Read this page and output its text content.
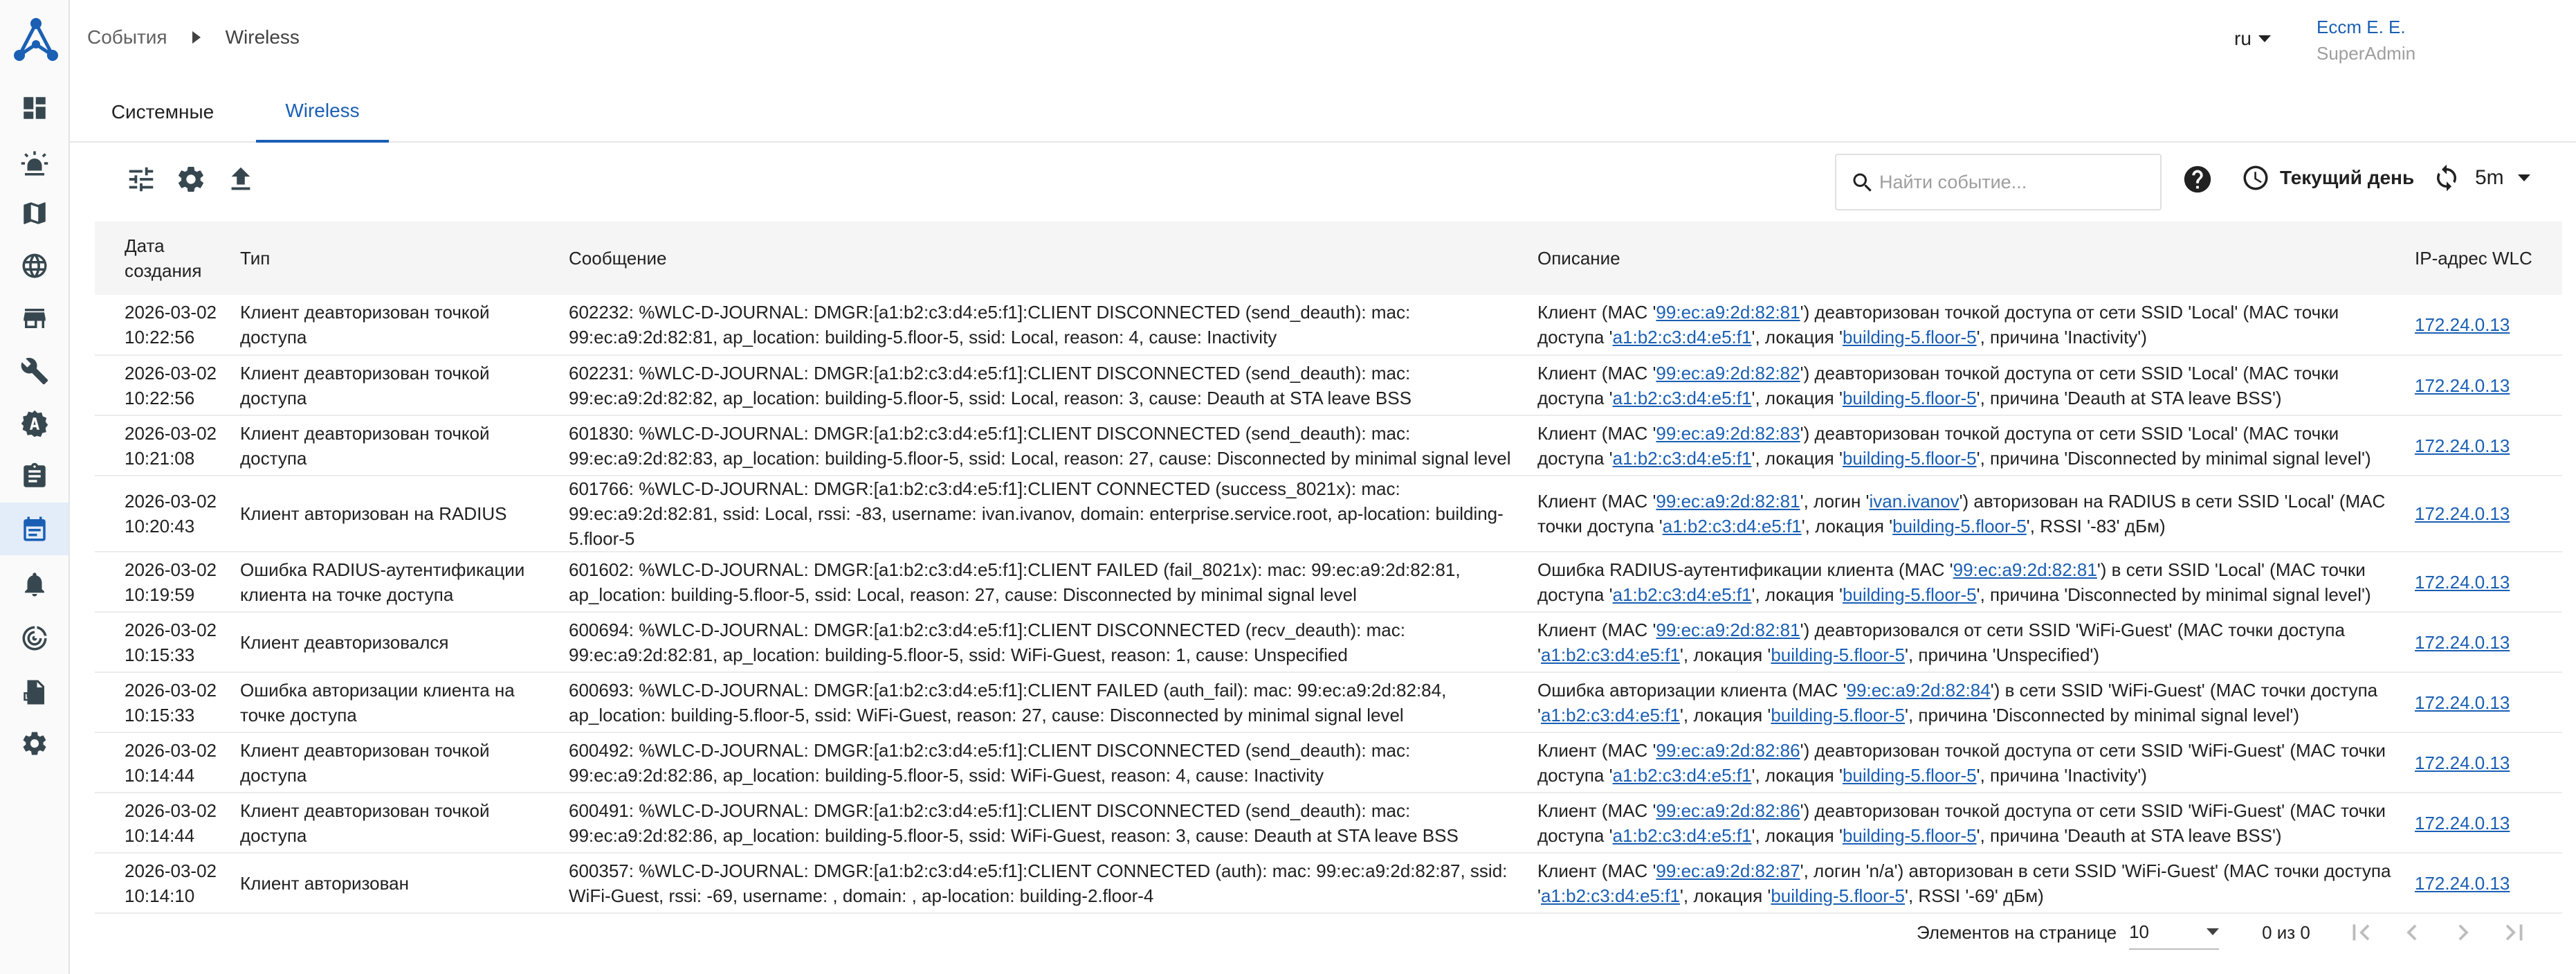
События	Wireless	ru
Eccm E. E.
SuperAdmin
Системные	Wireless
Найти событие...
Текущий день	5m
Дата создания	Тип	Сообщение	Описание	IP-адрес WLC

2026-03-02
10:22:56	Клиент деавторизован точкой доступа	602232: %WLC-D-JOURNAL: DMGR:[a1:b2:c3:d4:e5:f1]:CLIENT DISCONNECTED (send_deauth): mac: 99:ec:a9:2d:82:81, ap_location: building-5.floor-5, ssid: Local, reason: 4, cause: Inactivity	Клиент (MAC '99:ec:a9:2d:82:81') деавторизован точкой доступа от сети SSID 'Local' (MAC точки доступа 'a1:b2:c3:d4:e5:f1', локация 'building-5.floor-5', причина 'Inactivity')	172.24.0.13

2026-03-02
10:22:56	Клиент деавторизован точкой доступа	602231: %WLC-D-JOURNAL: DMGR:[a1:b2:c3:d4:e5:f1]:CLIENT DISCONNECTED (send_deauth): mac: 99:ec:a9:2d:82:82, ap_location: building-5.floor-5, ssid: Local, reason: 3, cause: Deauth at STA leave BSS	Клиент (MAC '99:ec:a9:2d:82:82') деавторизован точкой доступа от сети SSID 'Local' (MAC точки доступа 'a1:b2:c3:d4:e5:f1', локация 'building-5.floor-5', причина 'Deauth at STA leave BSS')	172.24.0.13

2026-03-02
10:21:08	Клиент деавторизован точкой доступа	601830: %WLC-D-JOURNAL: DMGR:[a1:b2:c3:d4:e5:f1]:CLIENT DISCONNECTED (send_deauth): mac: 99:ec:a9:2d:82:83, ap_location: building-5.floor-5, ssid: Local, reason: 27, cause: Disconnected by minimal signal level	Клиент (MAC '99:ec:a9:2d:82:83') деавторизован точкой доступа от сети SSID 'Local' (MAC точки доступа 'a1:b2:c3:d4:e5:f1', локация 'building-5.floor-5', причина 'Disconnected by minimal signal level')	172.24.0.13

2026-03-02
10:20:43	Клиент авторизован на RADIUS	601766: %WLC-D-JOURNAL: DMGR:[a1:b2:c3:d4:e5:f1]:CLIENT CONNECTED (success_8021x): mac: 99:ec:a9:2d:82:81, ssid: Local, rssi: -83, username: ivan.ivanov, domain: enterprise.service.root, ap-location: building-5.floor-5	Клиент (MAC '99:ec:a9:2d:82:81', логин 'ivan.ivanov') авторизован на RADIUS в сети SSID 'Local' (MAC точки доступа 'a1:b2:c3:d4:e5:f1', локация 'building-5.floor-5', RSSI '-83' дБм)	172.24.0.13

2026-03-02
10:19:59	Ошибка RADIUS-аутентификации клиента на точке доступа	601602: %WLC-D-JOURNAL: DMGR:[a1:b2:c3:d4:e5:f1]:CLIENT FAILED (fail_8021x): mac: 99:ec:a9:2d:82:81, ap_location: building-5.floor-5, ssid: Local, reason: 27, cause: Disconnected by minimal signal level	Ошибка RADIUS-аутентификации клиента (MAC '99:ec:a9:2d:82:81') в сети SSID 'Local' (MAC точки доступа 'a1:b2:c3:d4:e5:f1', локация 'building-5.floor-5', причина 'Disconnected by minimal signal level')	172.24.0.13

2026-03-02
10:15:33	Клиент деавторизовался	600694: %WLC-D-JOURNAL: DMGR:[a1:b2:c3:d4:e5:f1]:CLIENT DISCONNECTED (recv_deauth): mac: 99:ec:a9:2d:82:81, ap_location: building-5.floor-5, ssid: WiFi-Guest, reason: 1, cause: Unspecified	Клиент (MAC '99:ec:a9:2d:82:81') деавторизовался от сети SSID 'WiFi-Guest' (MAC точки доступа 'a1:b2:c3:d4:e5:f1', локация 'building-5.floor-5', причина 'Unspecified')	172.24.0.13

2026-03-02
10:15:33	Ошибка авторизации клиента на точке доступа	600693: %WLC-D-JOURNAL: DMGR:[a1:b2:c3:d4:e5:f1]:CLIENT FAILED (auth_fail): mac: 99:ec:a9:2d:82:84, ap_location: building-5.floor-5, ssid: WiFi-Guest, reason: 27, cause: Disconnected by minimal signal level	Ошибка авторизации клиента (MAC '99:ec:a9:2d:82:84') в сети SSID 'WiFi-Guest' (MAC точки доступа 'a1:b2:c3:d4:e5:f1', локация 'building-5.floor-5', причина 'Disconnected by minimal signal level')	172.24.0.13

2026-03-02
10:14:44	Клиент деавторизован точкой доступа	600492: %WLC-D-JOURNAL: DMGR:[a1:b2:c3:d4:e5:f1]:CLIENT DISCONNECTED (send_deauth): mac: 99:ec:a9:2d:82:86, ap_location: building-5.floor-5, ssid: WiFi-Guest, reason: 4, cause: Inactivity	Клиент (MAC '99:ec:a9:2d:82:86') деавторизован точкой доступа от сети SSID 'WiFi-Guest' (MAC точки доступа 'a1:b2:c3:d4:e5:f1', локация 'building-5.floor-5', причина 'Inactivity')	172.24.0.13

2026-03-02
10:14:44	Клиент деавторизован точкой доступа	600491: %WLC-D-JOURNAL: DMGR:[a1:b2:c3:d4:e5:f1]:CLIENT DISCONNECTED (send_deauth): mac: 99:ec:a9:2d:82:86, ap_location: building-5.floor-5, ssid: WiFi-Guest, reason: 3, cause: Deauth at STA leave BSS	Клиент (MAC '99:ec:a9:2d:82:86') деавторизован точкой доступа от сети SSID 'WiFi-Guest' (MAC точки доступа 'a1:b2:c3:d4:e5:f1', локация 'building-5.floor-5', причина 'Deauth at STA leave BSS')	172.24.0.13

2026-03-02
10:14:10	Клиент авторизован	600357: %WLC-D-JOURNAL: DMGR:[a1:b2:c3:d4:e5:f1]:CLIENT CONNECTED (auth): mac: 99:ec:a9:2d:82:87, ssid: WiFi-Guest, rssi: -69, username: , domain: , ap-location: building-2.floor-4	Клиент (MAC '99:ec:a9:2d:82:87', логин 'n/a') авторизован в сети SSID 'WiFi-Guest' (MAC точки доступа 'a1:b2:c3:d4:e5:f1', локация 'building-5.floor-5', RSSI '-69' дБм)	172.24.0.13
Элементов на странице 10	0 из 0
